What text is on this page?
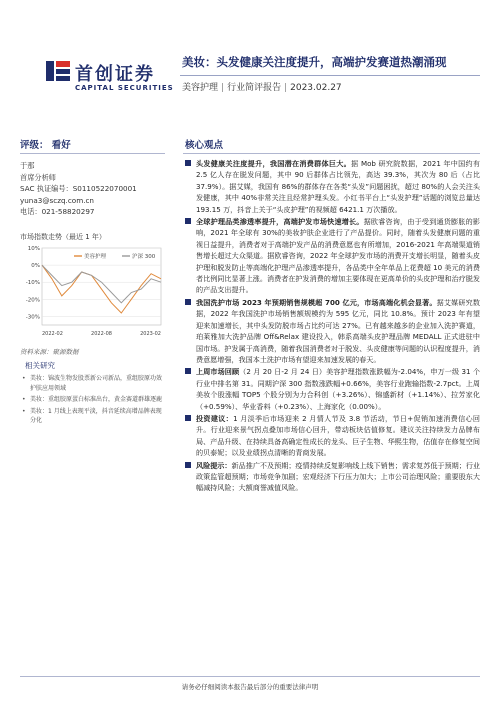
首创证券
CAPITAL SECURITIES
美妆：头发健康关注度提升，高端护发赛道热潮涌现
美容护理 | 行业简评报告 | 2023.02.27
评级： 看好
于那
首席分析师
SAC 执证编号：S0110522070001
yuna3@sczq.com.cn
电话：021-58820297
市场指数走势（最近 1 年）
10%
0%
-10%
-20%
-30%
美容护理	沪深 300
2022-02	2022-08	2023-02
资料来源：聚源数据
相关研究
• 美妆：锦波生物发股票新公司新品，重组胶原功效护肤应用领域
• 美妆：重组胶原蛋白标准出台，黄金赛道群雄逐鹿
• 美妆：1 月线上表现平淡，抖音延续高增品牌表现分化
核心观点
头发健康关注度提升，我国潜在消费群体巨大。据 Mob 研究院数据，2021 年中国约有 2.5 亿人存在脱发问题，其中 90 后群体占比领先，高达 39.3%，其次为 80 后（占比 37.9%）。据艾媒，我国有 86%的群体存在各类“头发”问题困扰，超过 80%的人会关注头发健康，其中 40%非常关注且经常护理头发。小红书平台上“头发护理”话题的浏览总量达 193.15 万，抖音上关于“头皮护理”的视频超 6421.1 万次播放。
全球护理品类渗透率提升，高端护发市场快速增长。据欧睿咨询，由于受到通货膨胀的影响，2021 年全球有 30%的美妆护肤企业进行了产品提价。同时，随着头发健康问题的重视日益提升，消费者对于高端护发产品的消费意愿也有所增加，2016-2021 年高端渠道销售增长超过大众渠道。据欧睿咨询，2022 年全球护发市场的消费开支增长明显，随着头皮护理和脱发防止等高端化护理产品渗透率提升，各品类中全年单品上花费超 10 美元的消费者比例同比显著上涨。消费者在护发消费的增加主要体现在更高单价的头皮护理和治疗脱发的产品支出提升。
我国洗护市场 2023 年预期销售规模超 700 亿元，市场高端化机会显著。据艾媒研究数据，2022 年我国洗护市场销售额规模约为 595 亿元，同比 10.8%。预计 2023 年有望迎来加速增长，其中头发防脱市场占比约可达 27%。已有越来越多的企业加入洗护赛道，珀莱雅加大洗护品牌 Off&Relax 建设投入，韩系高端头皮护理品牌 MEDALL 正式进驻中国市场。护发属于高消费，随着我国消费者对于脱发、头皮健康等问题的认识程度提升，消费意愿增强，我国本土洗护市场有望迎来加速发展的春天。
上周市场回顾（2 月 20 日-2 月 24 日）美容护理指数涨跌幅为-2.04%，申万一级 31 个行业中排名第 31。同期沪深 300 指数涨跌幅+0.66%，美容行业跑输指数-2.7pct。上周美妆个股涨幅 TOP5 个股分别为力合科创（+3.26%）、锦盛新材（+1.14%）、拉芳家化（+0.59%）、华业香料（+0.23%）、上海家化（0.00%）。
投资建议：1 月淡季后市场迎来 2 月情人节及 3.8 节活动，节日+促销加速消费信心回升。行业迎来景气拐点叠加市场信心回升，带动板块估值修复。建议关注持续发力品牌布局、产品升级、在持续具备高确定性成长的龙头、巨子生物、华熙生物，估值存在修复空间的贝泰妮；以及业绩拐点清晰的青商发展。
风险提示：新品推广不及预期；疫情持续反复影响线上线下销售；需求复苏低于预期；行业政策监管超预期；市场竞争加剧；宏观经济下行压力加大；上市公司治理风险；重要股东大幅减持风险；大额商誉减值风险。
请务必仔细阅读本报告最后部分的重要法律声明
